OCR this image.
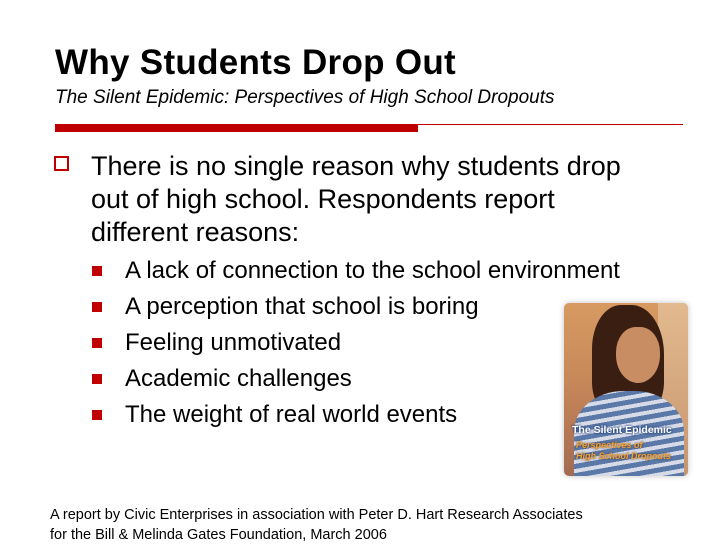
Why Students Drop Out
The Silent Epidemic: Perspectives of High School Dropouts
There is no single reason why students drop out of high school. Respondents report different reasons:
A lack of connection to the school environment
A perception that school is boring
Feeling unmotivated
Academic challenges
The weight of real world events
The Silent Epidemic
Perspectives of
High School Dropouts
A report by Civic Enterprises in association with Peter D. Hart Research Associates
for the Bill & Melinda Gates Foundation, March 2006
